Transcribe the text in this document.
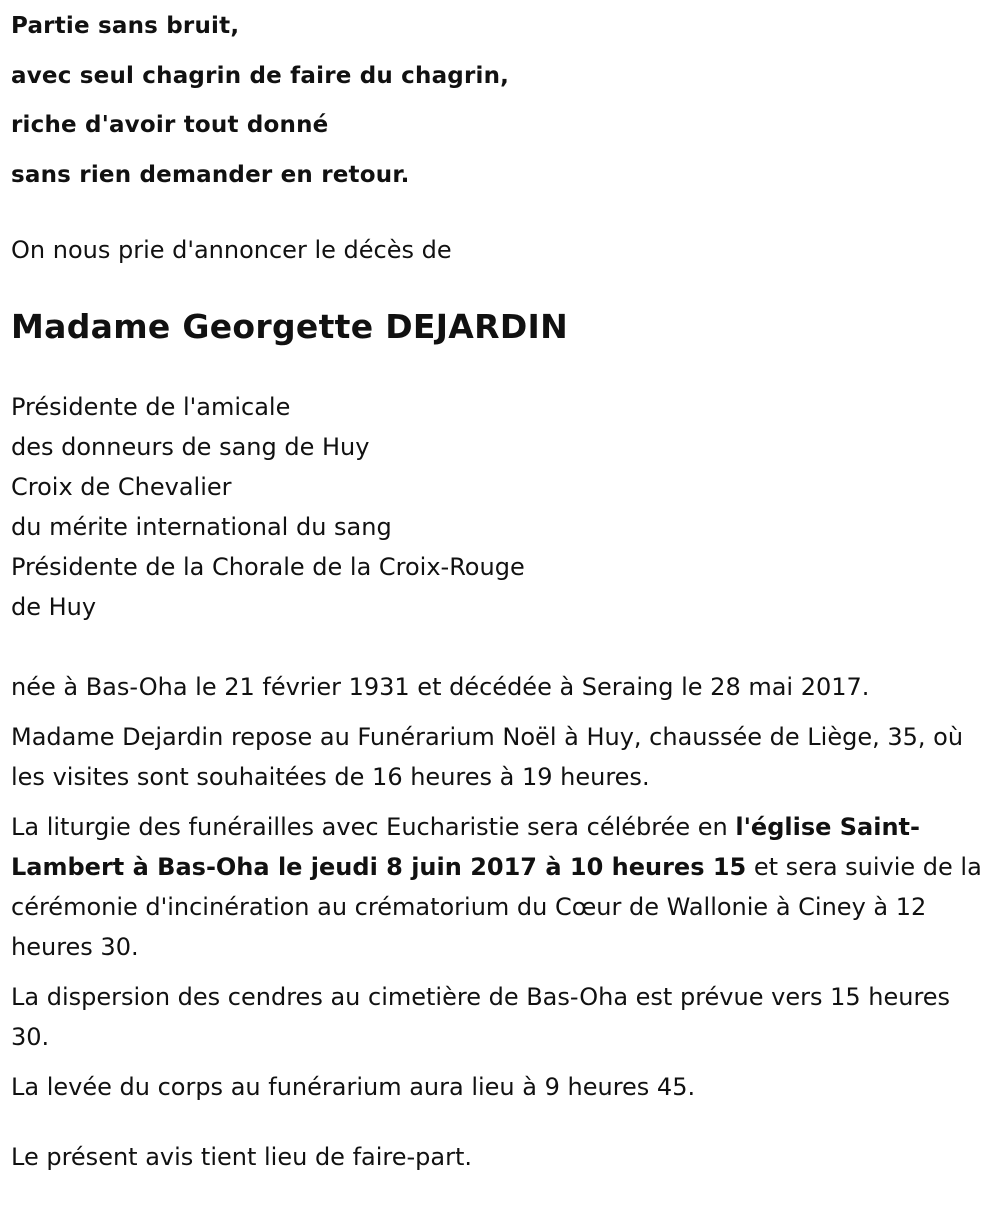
Partie sans bruit,

avec seul chagrin de faire du chagrin,

riche d'avoir tout donné

sans rien demander en retour.

On nous prie d'annoncer le décès de

Madame Georgette DEJARDIN

Présidente de l'amicale

des donneurs de sang de Huy

Croix de Chevalier

du mérite international du sang

Présidente de la Chorale de la Croix-Rouge

de Huy

née à Bas-Oha le 21 février 1931 et décédée à Seraing le 28 mai 2017.

Madame Dejardin repose au Funérarium Noël à Huy, chaussée de Liège, 35, où les visites sont souhaitées de 16 heures à 19 heures.

La liturgie des funérailles avec Eucharistie sera célébrée en l'église Saint-Lambert à Bas-Oha le jeudi 8 juin 2017 à 10 heures 15 et sera suivie de la cérémonie d'incinération au crématorium du Cœur de Wallonie à Ciney à 12 heures 30.

La dispersion des cendres au cimetière de Bas-Oha est prévue vers 15 heures 30.

La levée du corps au funérarium aura lieu à 9 heures 45.

Le présent avis tient lieu de faire-part.
